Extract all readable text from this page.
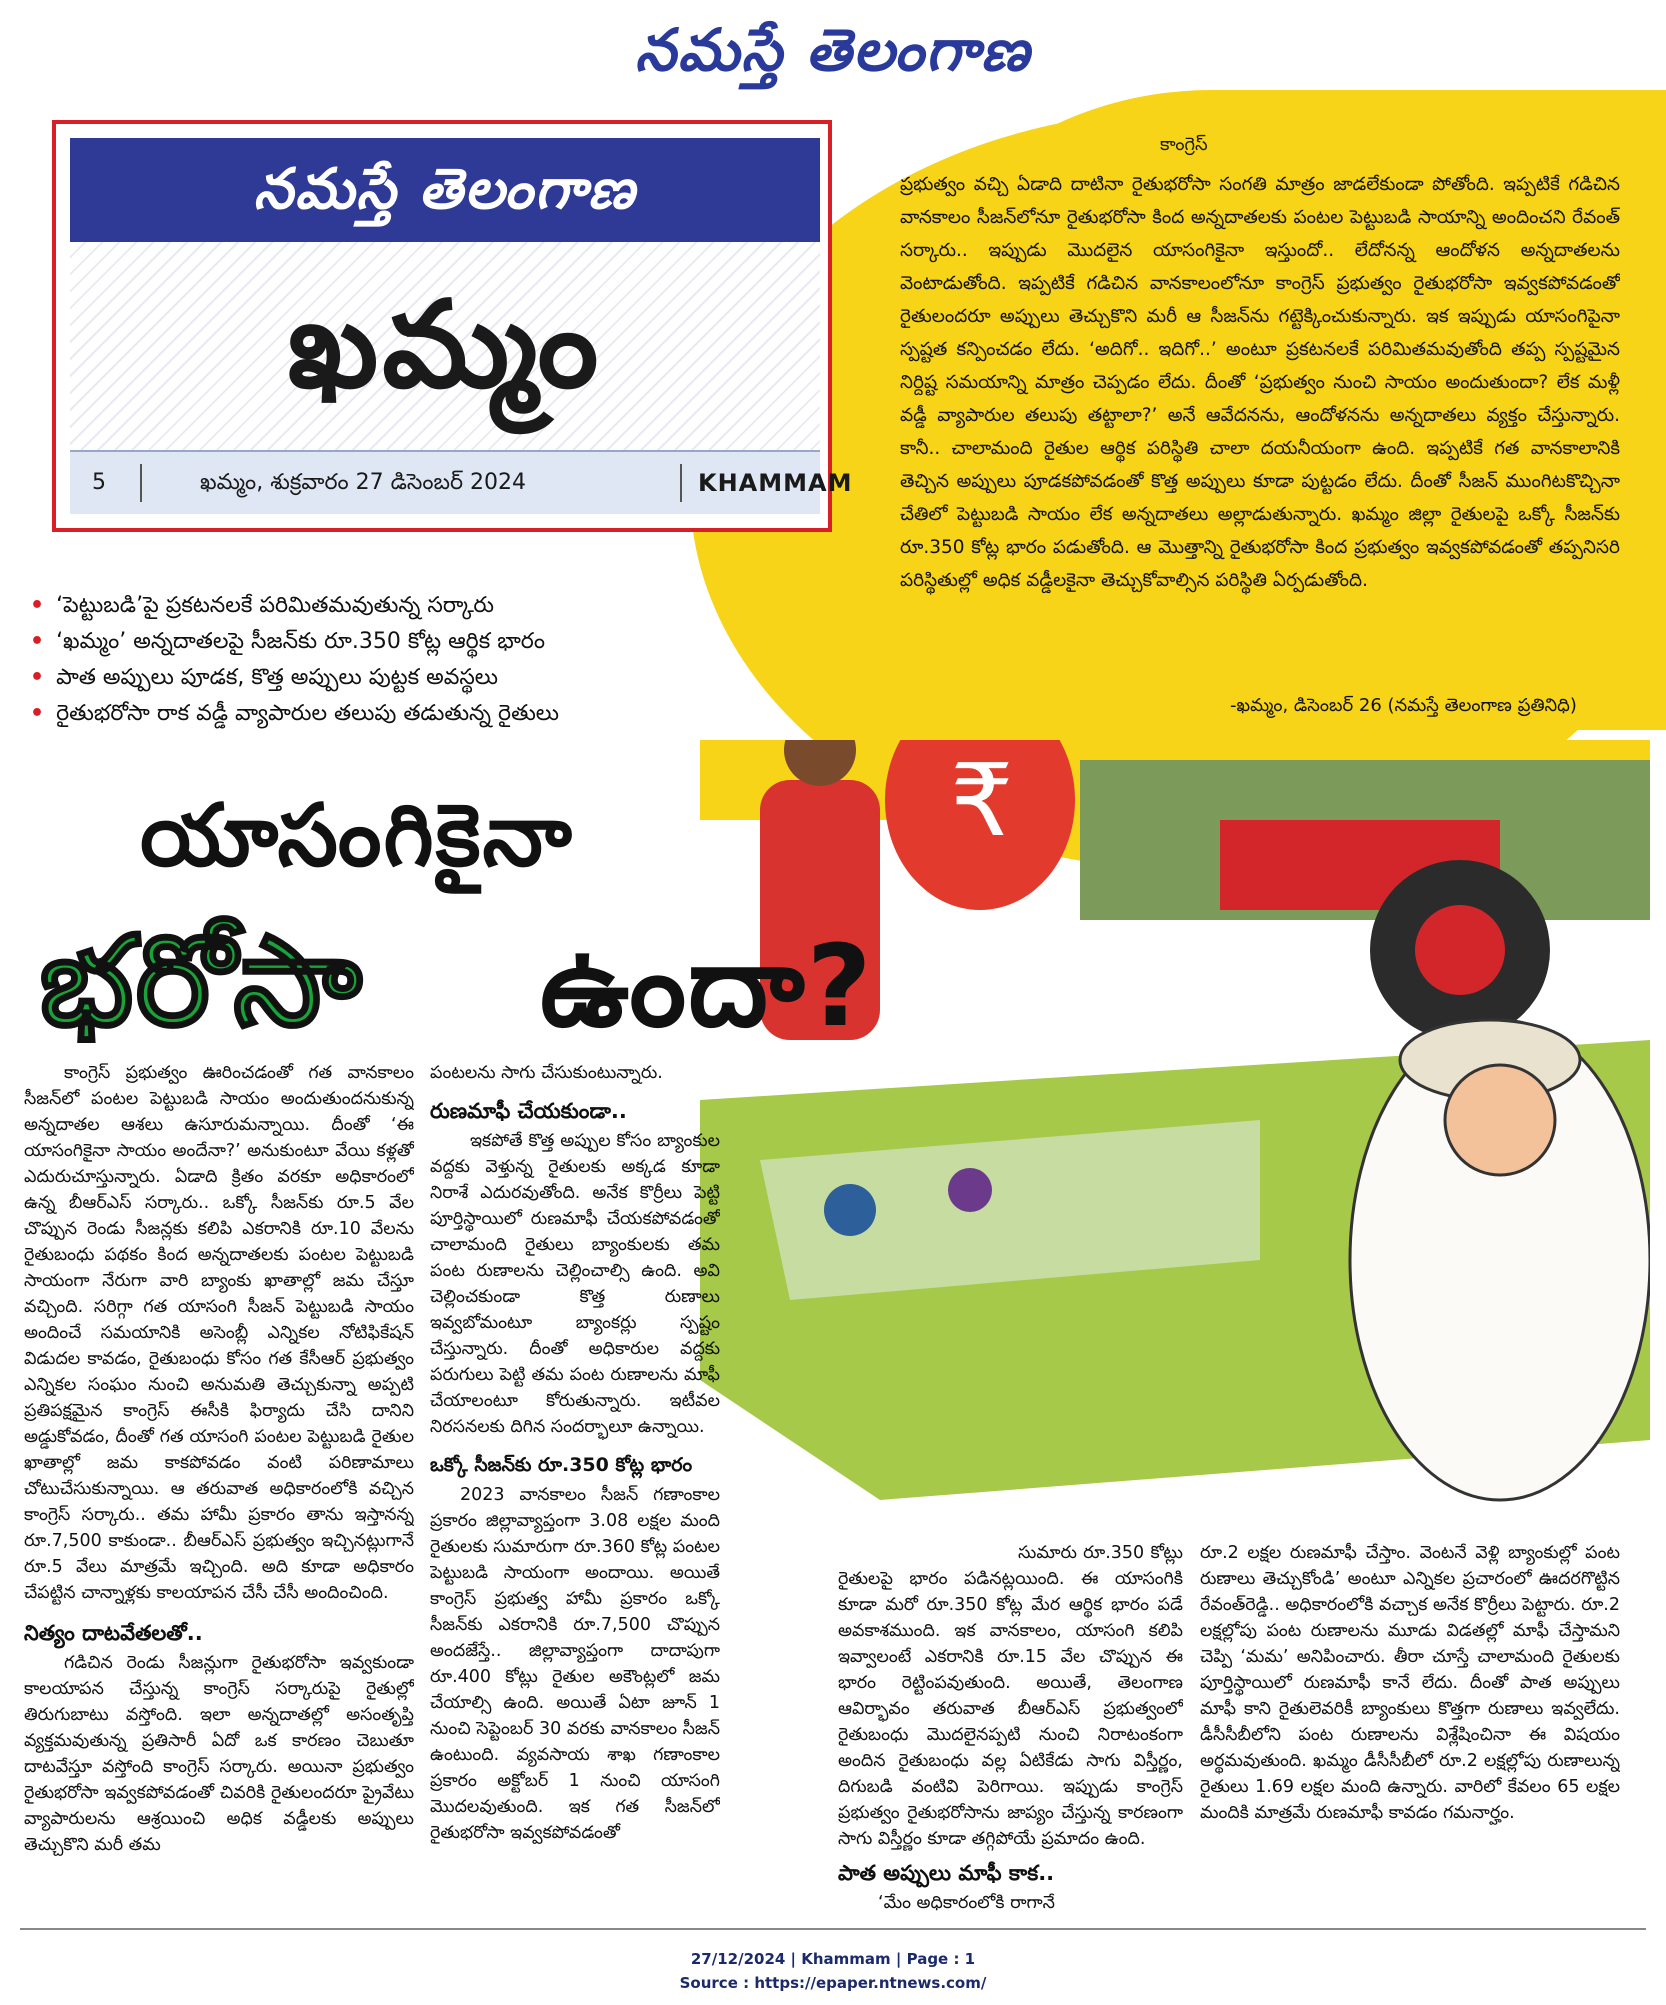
నమస్తే తెలంగాణ
నమస్తే తెలంగాణ
ఖమ్మం
5	ఖమ్మం, శుక్రవారం 27 డిసెంబర్ 2024	KHAMMAM
కాంగ్రెస్
ప్రభుత్వం వచ్చి ఏడాది దాటినా రైతుభరోసా సంగతి మాత్రం జాడలేకుండా పోతోంది. ఇప్పటికే గడిచిన వానకాలం సీజన్‌లోనూ రైతుభరోసా కింద అన్నదాతలకు పంటల పెట్టుబడి సాయాన్ని అందించని రేవంత్‌ సర్కారు.. ఇప్పుడు మొదలైన యాసంగికైనా ఇస్తుందో.. లేదోనన్న ఆందోళన అన్నదాతలను వెంటాడుతోంది. ఇప్పటికే గడిచిన వానకాలంలోనూ కాంగ్రెస్‌ ప్రభుత్వం రైతుభరోసా ఇవ్వకపోవడంతో రైతులందరూ అప్పులు తెచ్చుకొని మరీ ఆ సీజన్‌ను గట్టెక్కించుకున్నారు. ఇక ఇప్పుడు యాసంగిపైనా స్పష్టత కన్పించడం లేదు. ‘అదిగో.. ఇదిగో..’ అంటూ ప్రకటనలకే పరిమితమవుతోంది తప్ప స్పష్టమైన నిర్దిష్ట సమయాన్ని మాత్రం చెప్పడం లేదు. దీంతో ‘ప్రభుత్వం నుంచి సాయం అందుతుందా? లేక మళ్లీ వడ్డీ వ్యాపారుల తలుపు తట్టాలా?’ అనే ఆవేదనను, ఆందోళనను అన్నదాతలు వ్యక్తం చేస్తున్నారు. కానీ.. చాలామంది రైతుల ఆర్థిక పరిస్థితి చాలా దయనీయంగా ఉంది. ఇప్పటికే గత వానకాలానికి తెచ్చిన అప్పులు పూడకపోవడంతో కొత్త అప్పులు కూడా పుట్టడం లేదు. దీంతో సీజన్‌ ముంగిటకొచ్చినా చేతిలో పెట్టుబడి సాయం లేక అన్నదాతలు అల్లాడుతున్నారు. ఖమ్మం జిల్లా రైతులపై ఒక్కో సీజన్‌కు రూ.350 కోట్ల భారం పడుతోంది. ఆ మొత్తాన్ని రైతుభరోసా కింద ప్రభుత్వం ఇవ్వకపోవడంతో తప్పనిసరి పరిస్థితుల్లో అధిక వడ్డీలకైనా తెచ్చుకోవాల్సిన పరిస్థితి ఏర్పడుతోంది.
-ఖమ్మం, డిసెంబర్‌ 26 (నమస్తే తెలంగాణ ప్రతినిధి)

• ‘పెట్టుబడి’పై ప్రకటనలకే పరిమితమవుతున్న సర్కారు

• ‘ఖమ్మం’ అన్నదాతలపై సీజన్‌కు రూ.350 కోట్ల ఆర్థిక భారం

• పాత అప్పులు పూడక, కొత్త అప్పులు పుట్టక అవస్థలు

• రైతుభరోసా రాక వడ్డీ వ్యాపారుల తలుపు తడుతున్న రైతులు

₹
యాసంగికైనా
భరోసా ఉందా?
కాంగ్రెస్‌ ప్రభుత్వం ఊరించడంతో గత వానకాలం సీజన్‌లో పంటల పెట్టుబడి సాయం అందుతుందనుకున్న అన్నదాతల ఆశలు ఉసూరుమన్నాయి. దీంతో ‘ఈ యాసంగికైనా సాయం అందేనా?’ అనుకుంటూ వేయి కళ్లతో ఎదురుచూస్తున్నారు. ఏడాది క్రితం వరకూ అధికారంలో ఉన్న బీఆర్‌ఎస్‌ సర్కారు.. ఒక్కో సీజన్‌కు రూ.5 వేల చొప్పున రెండు సీజన్లకు కలిపి ఎకరానికి రూ.10 వేలను రైతుబంధు పథకం కింద అన్నదాతలకు పంటల పెట్టుబడి సాయంగా నేరుగా వారి బ్యాంకు ఖాతాల్లో జమ చేస్తూ వచ్చింది. సరిగ్గా గత యాసంగి సీజన్‌ పెట్టుబడి సాయం అందించే సమయానికి అసెంబ్లీ ఎన్నికల నోటిఫికేషన్‌ విడుదల కావడం, రైతుబంధు కోసం గత కేసీఆర్‌ ప్రభుత్వం ఎన్నికల సంఘం నుంచి అనుమతి తెచ్చుకున్నా అప్పటి ప్రతిపక్షమైన కాంగ్రెస్‌ ఈసీకి ఫిర్యాదు చేసి దానిని అడ్డుకోవడం, దీంతో గత యాసంగి పంటల పెట్టుబడి రైతుల ఖాతాల్లో జమ కాకపోవడం వంటి పరిణామాలు చోటుచేసుకున్నాయి. ఆ తరువాత అధికారంలోకి వచ్చిన కాంగ్రెస్‌ సర్కారు.. తమ హామీ ప్రకారం తాను ఇస్తానన్న రూ.7,500 కాకుండా.. బీఆర్‌ఎస్‌ ప్రభుత్వం ఇచ్చినట్లుగానే రూ.5 వేలు మాత్రమే ఇచ్చింది. అది కూడా అధికారం చేపట్టిన చాన్నాళ్లకు కాలయాపన చేసీ చేసీ అందించింది.
నిత్యం దాటవేతలతో..
గడిచిన రెండు సీజన్లుగా రైతుభరోసా ఇవ్వకుండా కాలయాపన చేస్తున్న కాంగ్రెస్‌ సర్కారుపై రైతుల్లో తిరుగుబాటు వస్తోంది. ఇలా అన్నదాతల్లో అసంతృప్తి వ్యక్తమవుతున్న ప్రతిసారీ ఏదో ఒక కారణం చెబుతూ దాటవేస్తూ వస్తోంది కాంగ్రెస్‌ సర్కారు. అయినా ప్రభుత్వం రైతుభరోసా ఇవ్వకపోవడంతో చివరికి రైతులందరూ ప్రైవేటు వ్యాపారులను ఆశ్రయించి అధిక వడ్డీలకు అప్పులు తెచ్చుకొని మరీ తమ
పంటలను సాగు చేసుకుంటున్నారు.
రుణమాఫీ చేయకుండా..
ఇకపోతే కొత్త అప్పుల కోసం బ్యాంకుల వద్దకు వెళ్తున్న రైతులకు అక్కడ కూడా నిరాశే ఎదురవుతోంది. అనేక కొర్రీలు పెట్టి పూర్తిస్థాయిలో రుణమాఫీ చేయకపోవడంతో చాలామంది రైతులు బ్యాంకులకు తమ పంట రుణాలను చెల్లించాల్సి ఉంది. అవి చెల్లించకుండా కొత్త రుణాలు ఇవ్వబోమంటూ బ్యాంకర్లు స్పష్టం చేస్తున్నారు. దీంతో అధికారుల వద్దకు పరుగులు పెట్టి తమ పంట రుణాలను మాఫీ చేయాలంటూ కోరుతున్నారు. ఇటీవల నిరసనలకు దిగిన సందర్భాలూ ఉన్నాయి.
ఒక్కో సీజన్‌కు రూ.350 కోట్ల భారం
2023 వానకాలం సీజన్‌ గణాంకాల ప్రకారం జిల్లావ్యాప్తంగా 3.08 లక్షల మంది రైతులకు సుమారుగా రూ.360 కోట్ల పంటల పెట్టుబడి సాయంగా అందాయి. అయితే కాంగ్రెస్‌ ప్రభుత్వ హామీ ప్రకారం ఒక్కో సీజన్‌కు ఎకరానికి రూ.7,500 చొప్పున అందజేస్తే.. జిల్లావ్యాప్తంగా దాదాపుగా రూ.400 కోట్లు రైతుల అకౌంట్లలో జమ చేయాల్సి ఉంది. అయితే ఏటా జూన్‌ 1 నుంచి సెప్టెంబర్‌ 30 వరకు వానకాలం సీజన్‌ ఉంటుంది. వ్యవసాయ శాఖ గణాంకాల ప్రకారం అక్టోబర్‌ 1 నుంచి యాసంగి మొదలవుతుంది. ఇక గత సీజన్‌లో రైతుభరోసా ఇవ్వకపోవడంతో
సుమారు రూ.350 కోట్లు రైతులపై భారం పడినట్లయింది. ఈ యాసంగికి కూడా మరో రూ.350 కోట్ల మేర ఆర్థిక భారం పడే అవకాశముంది. ఇక వానకాలం, యాసంగి కలిపి ఇవ్వాలంటే ఎకరానికి రూ.15 వేల చొప్పున ఈ భారం రెట్టింపవుతుంది. అయితే, తెలంగాణ ఆవిర్భావం తరువాత బీఆర్‌ఎస్‌ ప్రభుత్వంలో రైతుబంధు మొదలైనప్పటి నుంచి నిరాటంకంగా అందిన రైతుబంధు వల్ల ఏటికేడు సాగు విస్తీర్ణం, దిగుబడి వంటివి పెరిగాయి. ఇప్పుడు కాంగ్రెస్‌ ప్రభుత్వం రైతుభరోసాను జాప్యం చేస్తున్న కారణంగా సాగు విస్తీర్ణం కూడా తగ్గిపోయే ప్రమాదం ఉంది.
పాత అప్పులు మాఫీ కాక..
‘మేం అధికారంలోకి రాగానే
రూ.2 లక్షల రుణమాఫీ చేస్తాం. వెంటనే వెళ్లి బ్యాంకుల్లో పంట రుణాలు తెచ్చుకోండి’ అంటూ ఎన్నికల ప్రచారంలో ఊదరగొట్టిన రేవంత్‌రెడ్డి.. అధికారంలోకి వచ్చాక అనేక కొర్రీలు పెట్టారు. రూ.2 లక్షల్లోపు పంట రుణాలను మూడు విడతల్లో మాఫీ చేస్తామని చెప్పి ‘మమ’ అనిపించారు. తీరా చూస్తే చాలామంది రైతులకు పూర్తిస్థాయిలో రుణమాఫీ కానే లేదు. దీంతో పాత అప్పులు మాఫీ కాని రైతులెవరికీ బ్యాంకులు కొత్తగా రుణాలు ఇవ్వలేదు. డీసీసీబీలోని పంట రుణాలను విశ్లేషించినా ఈ విషయం అర్థమవుతుంది. ఖమ్మం డీసీసీబీలో రూ.2 లక్షల్లోపు రుణాలున్న రైతులు 1.69 లక్షల మంది ఉన్నారు. వారిలో కేవలం 65 లక్షల మందికి మాత్రమే రుణమాఫీ కావడం గమనార్హం.
27/12/2024 | Khammam | Page : 1
Source : https://epaper.ntnews.com/
